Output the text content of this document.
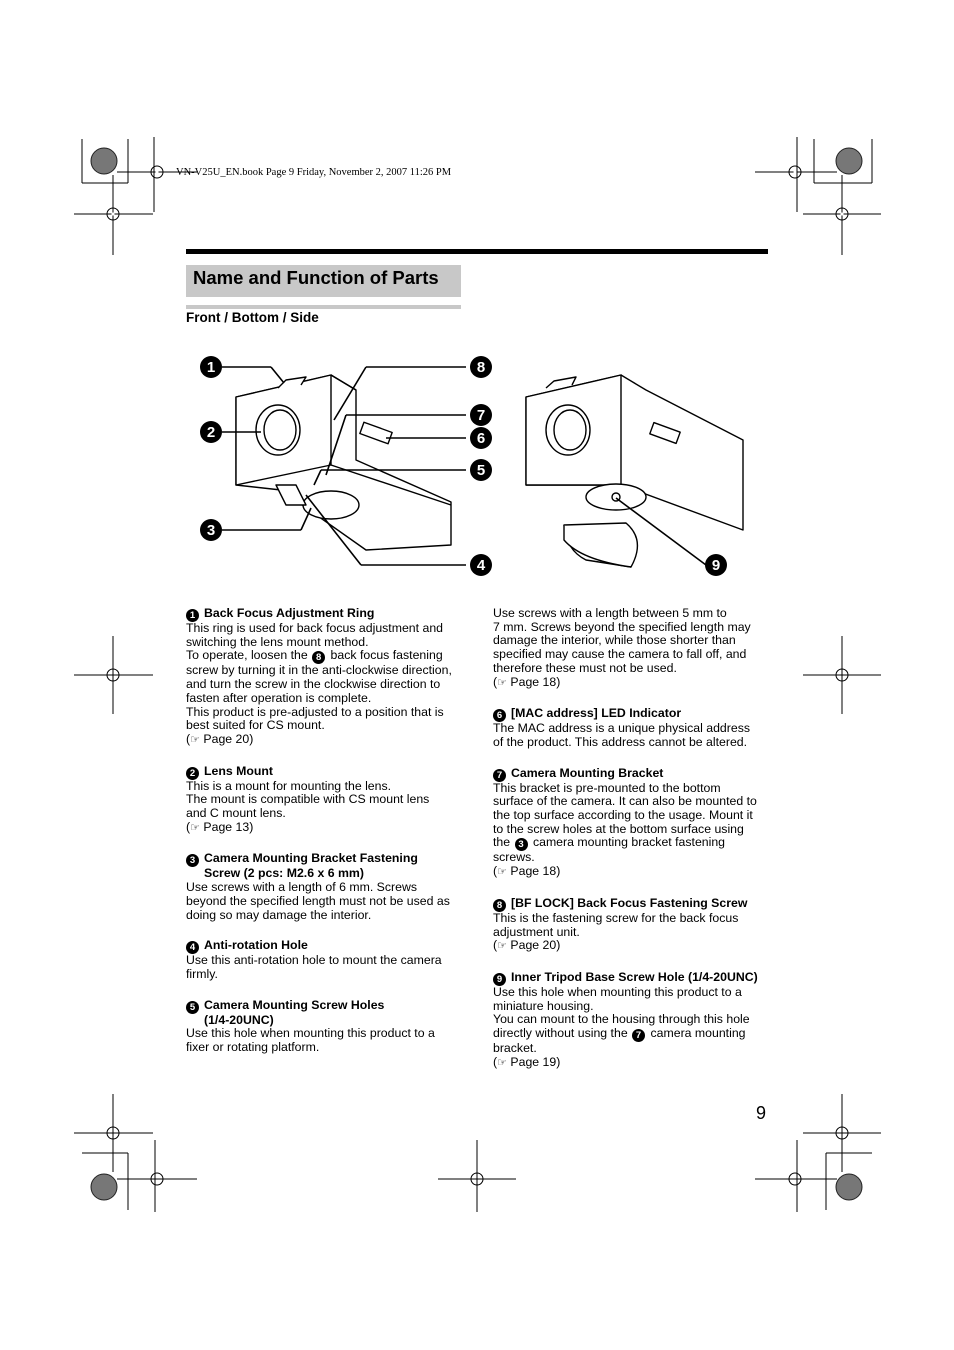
VN-V25U_EN.book Page 9 Friday, November 2, 2007 11:26 PM
Name and Function of Parts
Front / Bottom / Side
1
2
3
4
5
6
7
8
9
1 Back Focus Adjustment Ring
This ring is used for back focus adjustment and
switching the lens mount method.
To operate, loosen the 8 back focus fastening
screw by turning it in the anti-clockwise direction,
and turn the screw in the clockwise direction to
fasten after operation is complete.
This product is pre-adjusted to a position that is
best suited for CS mount.
(☞ Page 20)
2 Lens Mount
This is a mount for mounting the lens.
The mount is compatible with CS mount lens
and C mount lens.
(☞ Page 13)
3 Camera Mounting Bracket Fastening
Screw (2 pcs: M2.6 x 6 mm)
Use screws with a length of 6 mm. Screws
beyond the specified length must not be used as
doing so may damage the interior.
4 Anti-rotation Hole
Use this anti-rotation hole to mount the camera
firmly.
5 Camera Mounting Screw Holes
(1/4-20UNC)
Use this hole when mounting this product to a
fixer or rotating platform.
Use screws with a length between 5 mm to
7 mm. Screws beyond the specified length may
damage the interior, while those shorter than
specified may cause the camera to fall off, and
therefore these must not be used.
(☞ Page 18)
6 [MAC address] LED Indicator
The MAC address is a unique physical address
of the product. This address cannot be altered.
7 Camera Mounting Bracket
This bracket is pre-mounted to the bottom
surface of the camera. It can also be mounted to
the top surface according to the usage. Mount it
to the screw holes at the bottom surface using
the 3 camera mounting bracket fastening
screws.
(☞ Page 18)
8 [BF LOCK] Back Focus Fastening Screw
This is the fastening screw for the back focus
adjustment unit.
(☞ Page 20)
9 Inner Tripod Base Screw Hole (1/4-20UNC)
Use this hole when mounting this product to a
miniature housing.
You can mount to the housing through this hole
directly without using the 7 camera mounting
bracket.
(☞ Page 19)
9
